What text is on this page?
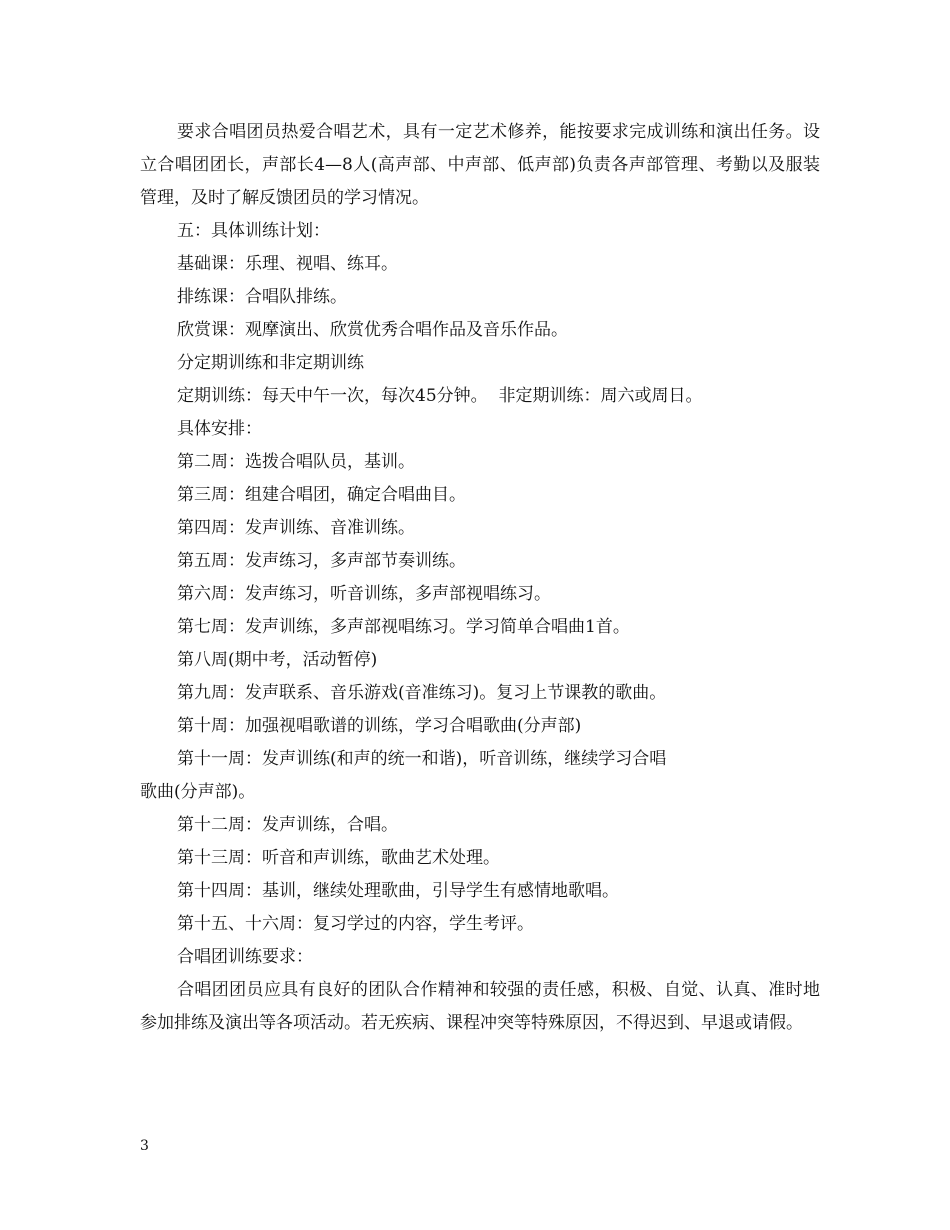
要求合唱团员热爱合唱艺术，具有一定艺术修养，能按要求完成训练和演出任务。设立合唱团团长，声部长4—8人(高声部、中声部、低声部)负责各声部管理、考勤以及服装管理，及时了解反馈团员的学习情况。

五：具体训练计划：

基础课：乐理、视唱、练耳。

排练课：合唱队排练。

欣赏课：观摩演出、欣赏优秀合唱作品及音乐作品。

分定期训练和非定期训练

定期训练：每天中午一次，每次45分钟。  非定期训练：周六或周日。

具体安排：

第二周：选拨合唱队员，基训。

第三周：组建合唱团，确定合唱曲目。

第四周：发声训练、音准训练。

第五周：发声练习，多声部节奏训练。

第六周：发声练习，听音训练，多声部视唱练习。

第七周：发声训练，多声部视唱练习。学习简单合唱曲1首。

第八周(期中考，活动暂停)

第九周：发声联系、音乐游戏(音准练习)。复习上节课教的歌曲。

第十周：加强视唱歌谱的训练，学习合唱歌曲(分声部)

第十一周：发声训练(和声的统一和谐)，听音训练，继续学习合唱

歌曲(分声部)。

第十二周：发声训练，合唱。

第十三周：听音和声训练，歌曲艺术处理。

第十四周：基训，继续处理歌曲，引导学生有感情地歌唱。

第十五、十六周：复习学过的内容，学生考评。

合唱团训练要求：

合唱团团员应具有良好的团队合作精神和较强的责任感，积极、自觉、认真、准时地参加排练及演出等各项活动。若无疾病、课程冲突等特殊原因，不得迟到、早退或请假。

3
